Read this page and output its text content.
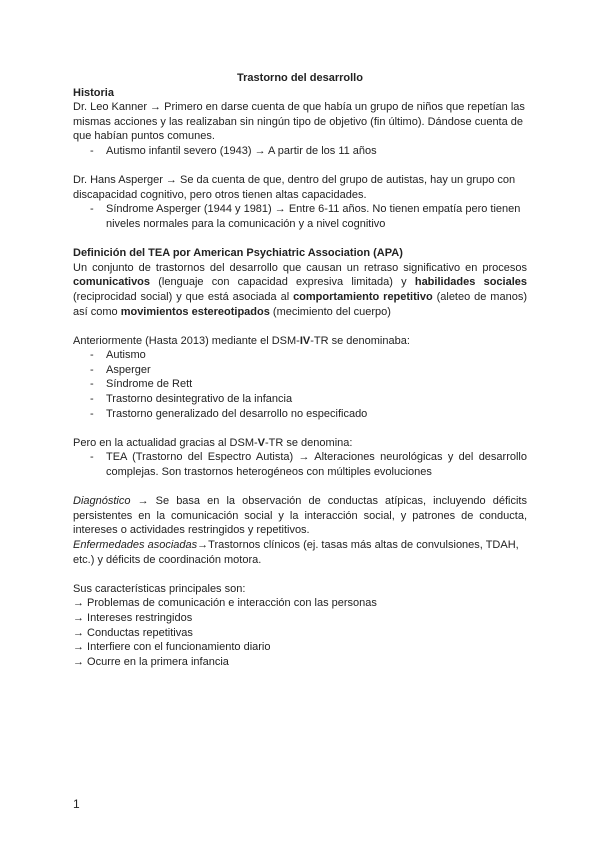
Trastorno del desarrollo

Historia

Dr. Leo Kanner → Primero en darse cuenta de que había un grupo de niños que repetían las mismas acciones y las realizaban sin ningún tipo de objetivo (fin último). Dándose cuenta de que habían puntos comunes.

- Autismo infantil severo (1943) → A partir de los 11 años

Dr. Hans Asperger → Se da cuenta de que, dentro del grupo de autistas, hay un grupo con discapacidad cognitivo, pero otros tienen altas capacidades.

- Síndrome Asperger (1944 y 1981) → Entre 6-11 años. No tienen empatía pero tienen niveles normales para la comunicación y a nivel cognitivo

Definición del TEA por American Psychiatric Association (APA)

Un conjunto de trastornos del desarrollo que causan un retraso significativo en procesos comunicativos (lenguaje con capacidad expresiva limitada) y habilidades sociales (reciprocidad social) y que está asociada al comportamiento repetitivo (aleteo de manos) así como movimientos estereotipados (mecimiento del cuerpo)

Anteriormente (Hasta 2013) mediante el DSM-IV-TR se denominaba:

- Autismo
- Asperger
- Síndrome de Rett
- Trastorno desintegrativo de la infancia
- Trastorno generalizado del desarrollo no especificado

Pero en la actualidad gracias al DSM-V-TR se denomina:

- TEA (Trastorno del Espectro Autista) → Alteraciones neurológicas y del desarrollo complejas. Son trastornos heterogéneos con múltiples evoluciones

Diagnóstico → Se basa en la observación de conductas atípicas, incluyendo déficits persistentes en la comunicación social y la interacción social, y patrones de conducta, intereses o actividades restringidos y repetitivos.

Enfermedades asociadas→Trastornos clínicos (ej. tasas más altas de convulsiones, TDAH, etc.) y déficits de coordinación motora.

Sus características principales son:

→ Problemas de comunicación e interacción con las personas

→ Intereses restringidos

→ Conductas repetitivas

→ Interfiere con el funcionamiento diario

→ Ocurre en la primera infancia

1
